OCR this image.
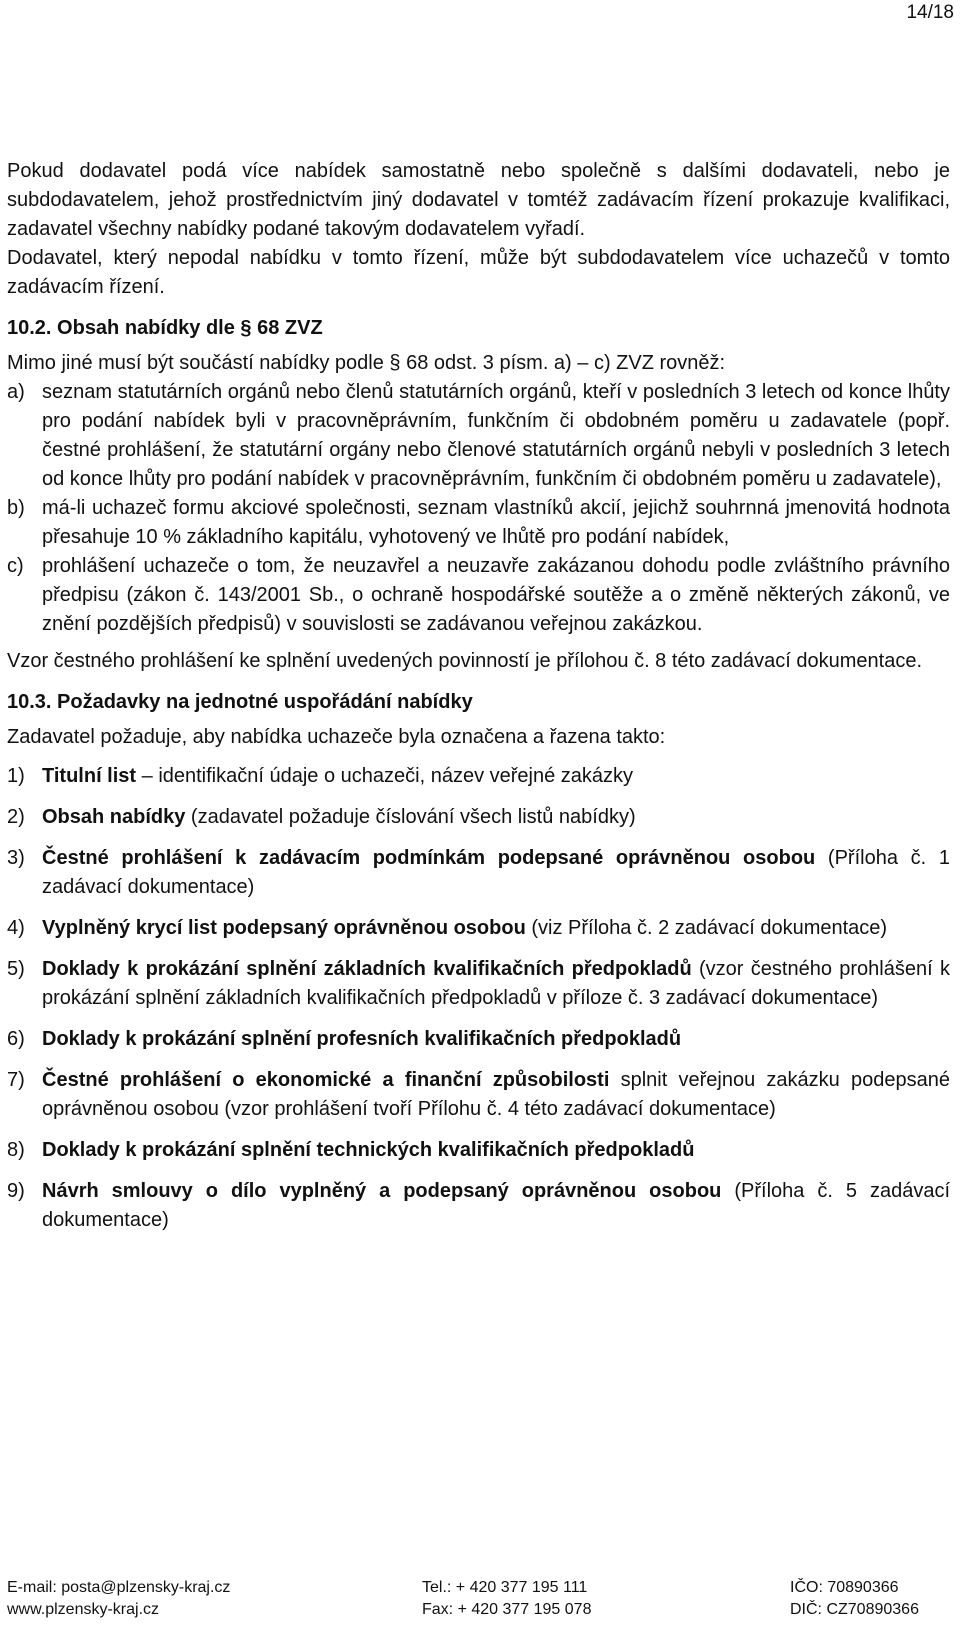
14/18

Pokud dodavatel podá více nabídek samostatně nebo společně s dalšími dodavateli, nebo je subdodavatelem, jehož prostřednictvím jiný dodavatel v tomtéž zadávacím řízení prokazuje kvalifikaci, zadavatel všechny nabídky podané takovým dodavatelem vyřadí.

Dodavatel, který nepodal nabídku v tomto řízení, může být subdodavatelem více uchazečů v tomto zadávacím řízení.

10.2. Obsah nabídky dle § 68 ZVZ

Mimo jiné musí být součástí nabídky podle § 68 odst. 3 písm. a) – c) ZVZ rovněž:

a) seznam statutárních orgánů nebo členů statutárních orgánů, kteří v posledních 3 letech od konce lhůty pro podání nabídek byli v pracovněprávním, funkčním či obdobném poměru u zadavatele (popř. čestné prohlášení, že statutární orgány nebo členové statutárních orgánů nebyli v posledních 3 letech od konce lhůty pro podání nabídek v pracovněprávním, funkčním či obdobném poměru u zadavatele),
b) má-li uchazeč formu akciové společnosti, seznam vlastníků akcií, jejichž souhrnná jmenovitá hodnota přesahuje 10 % základního kapitálu, vyhotovený ve lhůtě pro podání nabídek,
c) prohlášení uchazeče o tom, že neuzavřel a neuzavře zakázanou dohodu podle zvláštního právního předpisu (zákon č. 143/2001 Sb., o ochraně hospodářské soutěže a o změně některých zákonů, ve znění pozdějších předpisů) v souvislosti se zadávanou veřejnou zakázkou.

Vzor čestného prohlášení ke splnění uvedených povinností je přílohou č. 8 této zadávací dokumentace.

10.3. Požadavky na jednotné uspořádání nabídky

Zadavatel požaduje, aby nabídka uchazeče byla označena a řazena takto:

1) Titulní list – identifikační údaje o uchazeči, název veřejné zakázky
2) Obsah nabídky (zadavatel požaduje číslování všech listů nabídky)
3) Čestné prohlášení k zadávacím podmínkám podepsané oprávněnou osobou (Příloha č. 1 zadávací dokumentace)
4) Vyplněný krycí list podepsaný oprávněnou osobou (viz Příloha č. 2 zadávací dokumentace)
5) Doklady k prokázání splnění základních kvalifikačních předpokladů (vzor čestného prohlášení k prokázání splnění základních kvalifikačních předpokladů v příloze č. 3 zadávací dokumentace)
6) Doklady k prokázání splnění profesních kvalifikačních předpokladů
7) Čestné prohlášení o ekonomické a finanční způsobilosti splnit veřejnou zakázku podepsané oprávněnou osobou (vzor prohlášení tvoří Přílohu č. 4 této zadávací dokumentace)
8) Doklady k prokázání splnění technických kvalifikačních předpokladů
9) Návrh smlouvy o dílo vyplněný a podepsaný oprávněnou osobou (Příloha č. 5 zadávací dokumentace)
E-mail: posta@plzensky-kraj.cz
www.plzensky-kraj.cz
Tel.: + 420 377 195 111
Fax: + 420 377 195 078
IČO: 70890366
DIČ: CZ70890366
